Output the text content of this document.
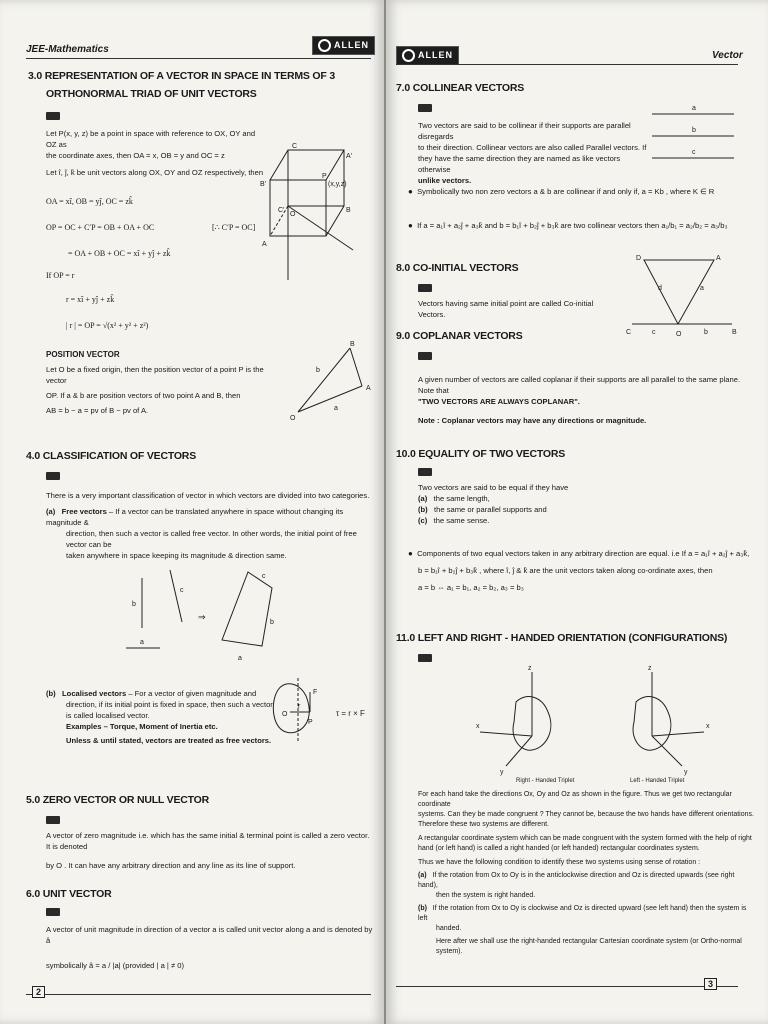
JEE-Mathematics	ALLEN
3.0 REPRESENTATION OF A VECTOR IN SPACE IN TERMS OF 3
ORTHONORMAL TRIAD OF UNIT VECTORS
Let P(x, y, z) be a point in space with reference to OX, OY and OZ as
the coordinate axes, then OA = x, OB = y and OC = z
Let î, ĵ, k̂ be unit vectors along OX, OY and OZ respectively, then
OA = xî, OB = yĵ, OC = zk̂
OP = OC + C′P = OB + OA + OC	[∴ C′P = OC]
= OA + OB + OC = xî + yĵ + zk̂
If OP = r
r = xî + yĵ + zk̂
| r | = OP = √(x² + y² + z²)
C
A′
P
(x,y,z)
B′
O
B
A
C′
POSITION VECTOR
Let O be a fixed origin, then the position vector of a point P is the vector
OP. If a & b are position vectors of two point A and B, then
AB = b − a = pv of B − pv of A.
B
b
A
a
O
4.0 CLASSIFICATION OF VECTORS
There is a very important classification of vector in which vectors are divided into two categories.
(a) Free vectors – If a vector can be translated anywhere in space without changing its magnitude &
direction, then such a vector is called free vector. In other words, the initial point of free vector can be
taken anywhere in space keeping its magnitude & direction same.
b
c
a
⇒
c
b
a
(b) Localised vectors – For a vector of given magnitude and
direction, if its initial point is fixed in space, then such a vector
is called localised vector.
Examples – Torque, Moment of Inertia etc.
Unless & until stated, vectors are treated as free vectors.
O
r
F
P
τ = r × F
5.0 ZERO VECTOR OR NULL VECTOR
A vector of zero magnitude i.e. which has the same initial & terminal point is called a zero vector. It is denoted
by O . It can have any arbitrary direction and any line as its line of support.
6.0 UNIT VECTOR
A vector of unit magnitude in direction of a vector a is called unit vector along a and is denoted by â
symbolically â = a / |a| (provided | a | ≠ 0)
2
ALLEN	Vector
7.0 COLLINEAR VECTORS
Two vectors are said to be collinear if their supports are parallel disregards
to their direction. Collinear vectors are also called Parallel vectors. If
they have the same direction they are named as like vectors otherwise
unlike vectors.
a
b
c
● Symbolically two non zero vectors a & b are collinear if and only if, a = Kb , where K ∈ R
● If a = a₁î + a₂ĵ + a₃k̂ and b = b₁î + b₂ĵ + b₃k̂ are two collinear vectors then a₁/b₁ = a₂/b₂ = a₃/b₃
8.0 CO-INITIAL VECTORS
Vectors having same initial point are called Co-initial Vectors.
D	A
d	a
C	c	O	b	B
9.0 COPLANAR VECTORS
A given number of vectors are called coplanar if their supports are all parallel to the same plane. Note that
"TWO VECTORS ARE ALWAYS COPLANAR".
Note : Coplanar vectors may have any directions or magnitude.
10.0 EQUALITY OF TWO VECTORS
Two vectors are said to be equal if they have
(a) the same length,
(b) the same or parallel supports and
(c) the same sense.
● Components of two equal vectors taken in any arbitrary direction are equal. i.e If a = a₁î + a₂ĵ + a₃k̂,
b = b₁î + b₂ĵ + b₃k̂ , where î, ĵ & k̂ are the unit vectors taken along co-ordinate axes, then
a = b ⇔ a₁ = b₁, a₂ = b₂, a₃ = b₃
11.0 LEFT AND RIGHT - HANDED ORIENTATION (CONFIGURATIONS)
z
x
y
z
x
y
Right - Handed Triplet	Left - Handed Triplet
For each hand take the directions Ox, Oy and Oz as shown in the figure. Thus we get two rectangular coordinate
systems. Can they be made congruent ? They cannot be, because the two hands have different orientations.
Therefore these two systems are different.
A rectangular coordinate system which can be made congruent with the system formed with the help of right
hand (or left hand) is called a right handed (or left handed) rectangular coordinates system.
Thus we have the following condition to identify these two systems using sense of rotation :
(a) If the rotation from Ox to Oy is in the anticlockwise direction and Oz is directed upwards (see right hand),
then the system is right handed.
(b) If the rotation from Ox to Oy is clockwise and Oz is directed upward (see left hand) then the system is left
handed.
Here after we shall use the right-handed rectangular Cartesian coordinate system (or Ortho-normal system).
3
